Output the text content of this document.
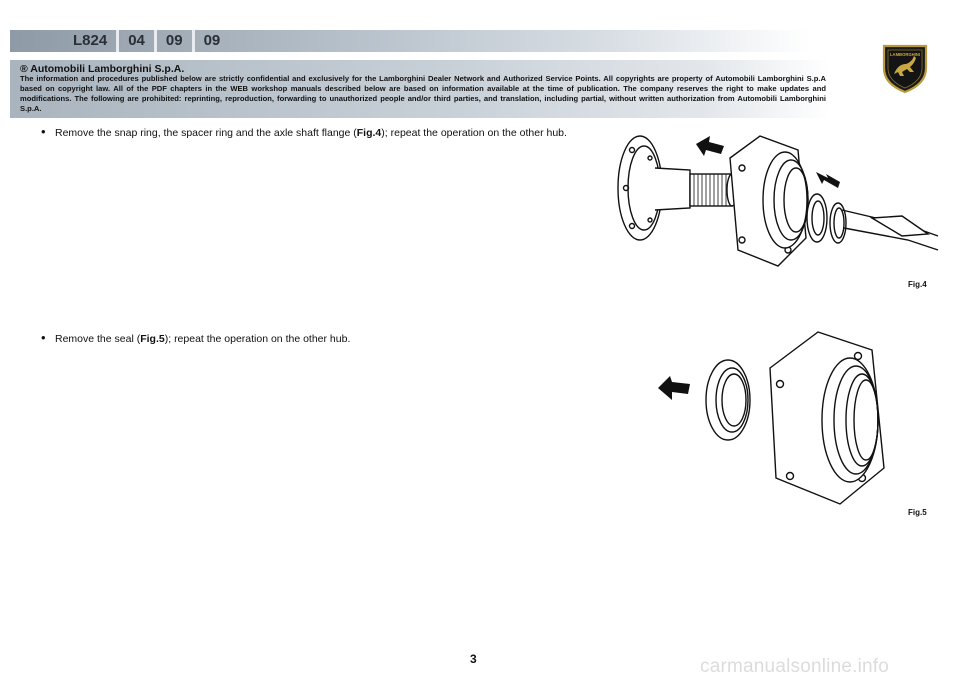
L824	04	09	09
® Automobili Lamborghini S.p.A.
The information and procedures published below are strictly confidential and exclusively for the Lamborghini Dealer Network and Authorized Service Points. All copyrights are property of Automobili Lamborghini S.p.A based on copyright law. All of the PDF chapters in the WEB workshop manuals described below are based on information available at the time of publication. The company reserves the right to make updates and modifications. The following are prohibited: reprinting, reproduction, forwarding to unauthorized people and/or third parties, and translation, including partial, without written authorization from Automobili Lamborghini S.p.A.
LAMBORGHINI
• Remove the snap ring, the spacer ring and the axle shaft flange (Fig.4); repeat the operation on the other hub.
Fig.4
• Remove the seal (Fig.5); repeat the operation on the other hub.
Fig.5
3	carmanualsonline.info
